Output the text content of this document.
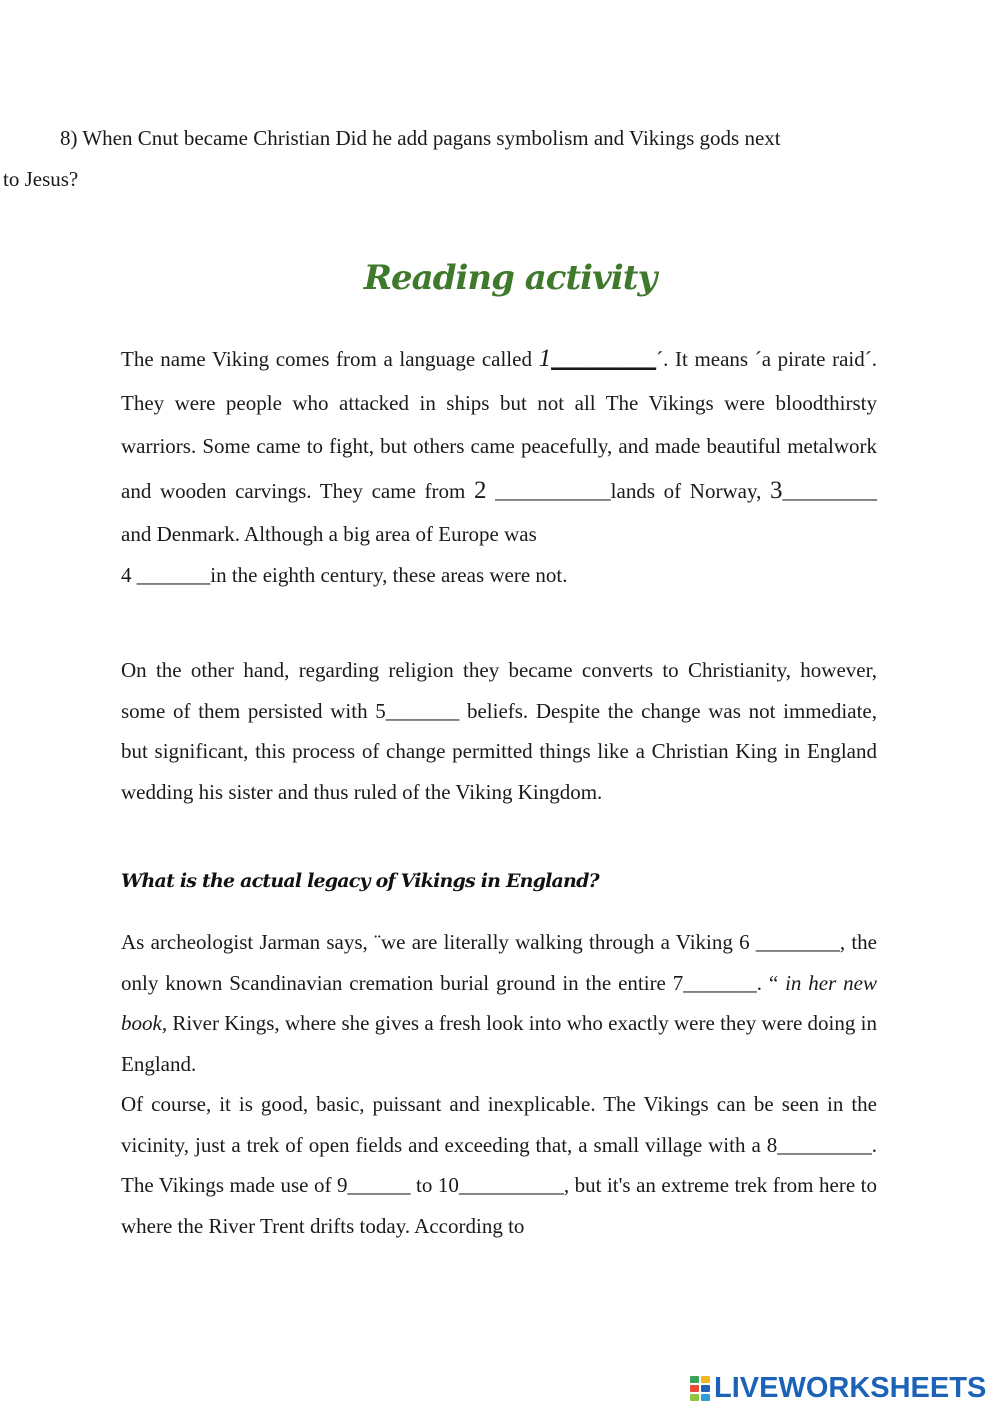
8) When Cnut became Christian Did he add pagans symbolism and Vikings gods next
to Jesus?
Reading activity
The name Viking comes from a language called 1__________´. It means ´a pirate raid´. They were people who attacked in ships but not all The Vikings were bloodthirsty warriors. Some came to fight, but others came peacefully, and made beautiful metalwork and wooden carvings. They came from 2 ___________lands of Norway, 3_________ and Denmark. Although a big area of Europe was
4 _______in the eighth century, these areas were not.
On the other hand, regarding religion they became converts to Christianity, however, some of them persisted with 5_______ beliefs. Despite the change was not immediate, but significant, this process of change permitted things like a Christian King in England wedding his sister and thus ruled of the Viking Kingdom.
What is the actual legacy of Vikings in England?
As archeologist Jarman says, ¨we are literally walking through a Viking 6 ________, the only known Scandinavian cremation burial ground in the entire 7_______. “ in her new book, River Kings, where she gives a fresh look into who exactly were they were doing in England.
Of course, it is good, basic, puissant and inexplicable. The Vikings can be seen in the vicinity, just a trek of open fields and exceeding that, a small village with a 8_________. The Vikings made use of 9______ to 10__________, but it's an extreme trek from here to where the River Trent drifts today. According to
LIVEWORKSHEETS
